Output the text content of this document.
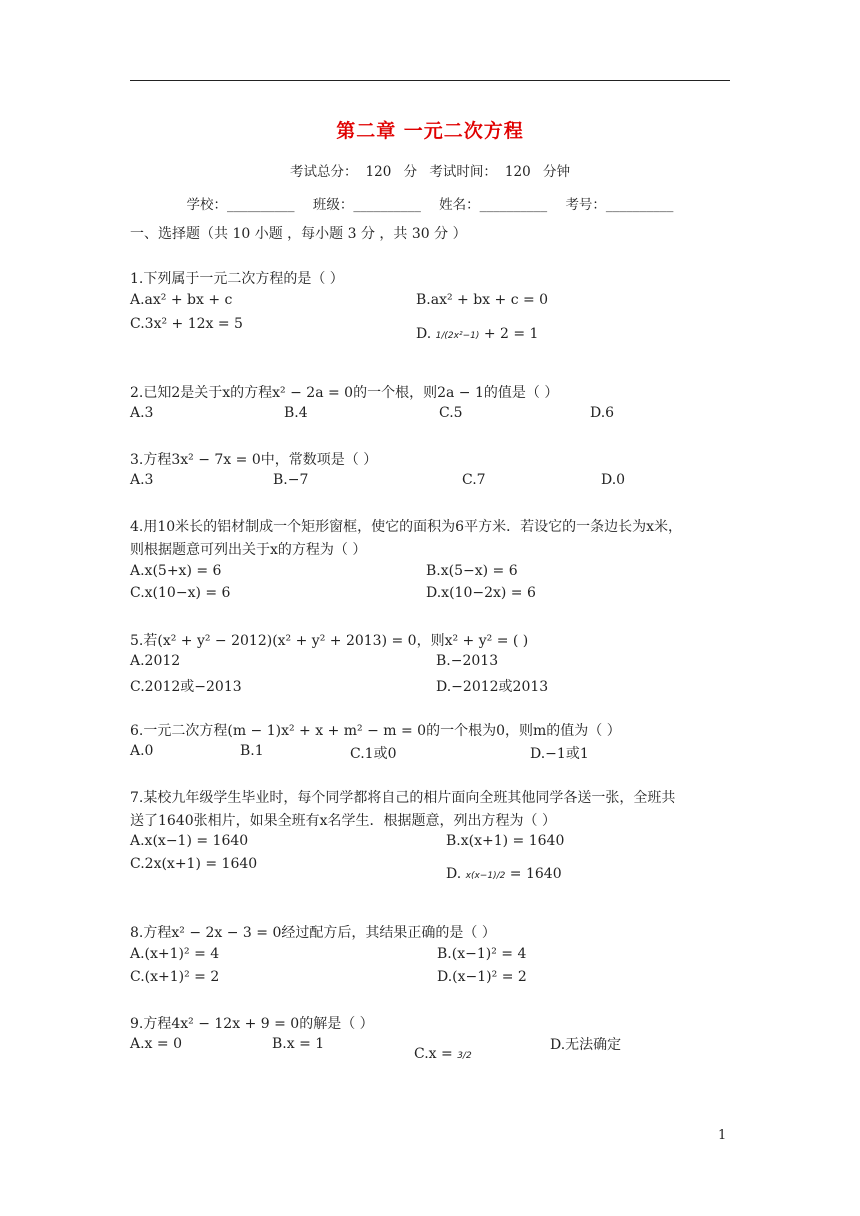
第二章 一元二次方程
考试总分： 120 分 考试时间： 120 分钟
学校：__________ 班级：__________ 姓名：__________ 考号：__________
一、选择题（共 10 小题 ，每小题 3 分 ，共 30 分 ）
1.下列属于一元二次方程的是（ ）
A.ax² + bx + c	B.ax² + bx + c = 0
C.3x² + 12x = 5
D. 1/(2x²−1) + 2 = 1
2.已知2是关于x的方程x² − 2a = 0的一个根，则2a − 1的值是（ ）
A.3	B.4	C.5	D.6
3.方程3x² − 7x = 0中，常数项是（ ）
A.3	B.−7	C.7	D.0
4.用10米长的铝材制成一个矩形窗框，使它的面积为6平方米．若设它的一条边长为x米，
则根据题意可列出关于x的方程为（ ）
A.x(5+x) = 6	B.x(5−x) = 6
C.x(10−x) = 6	D.x(10−2x) = 6
5.若(x² + y² − 2012)(x² + y² + 2013) = 0，则x² + y² = ( )
A.2012	B.−2013
C.2012或−2013	D.−2012或2013
6.一元二次方程(m − 1)x² + x + m² − m = 0的一个根为0，则m的值为（ ）
A.0	B.1	C.1或0	D.−1或1
7.某校九年级学生毕业时，每个同学都将自己的相片面向全班其他同学各送一张，全班共
送了1640张相片，如果全班有x名学生．根据题意，列出方程为（ ）
A.x(x−1) = 1640	B.x(x+1) = 1640
C.2x(x+1) = 1640
D. x(x−1)/2 = 1640
8.方程x² − 2x − 3 = 0经过配方后，其结果正确的是（ ）
A.(x+1)² = 4	B.(x−1)² = 4
C.(x+1)² = 2	D.(x−1)² = 2
9.方程4x² − 12x + 9 = 0的解是（ ）
A.x = 0	B.x = 1
C.x = 3/2
D.无法确定
1
